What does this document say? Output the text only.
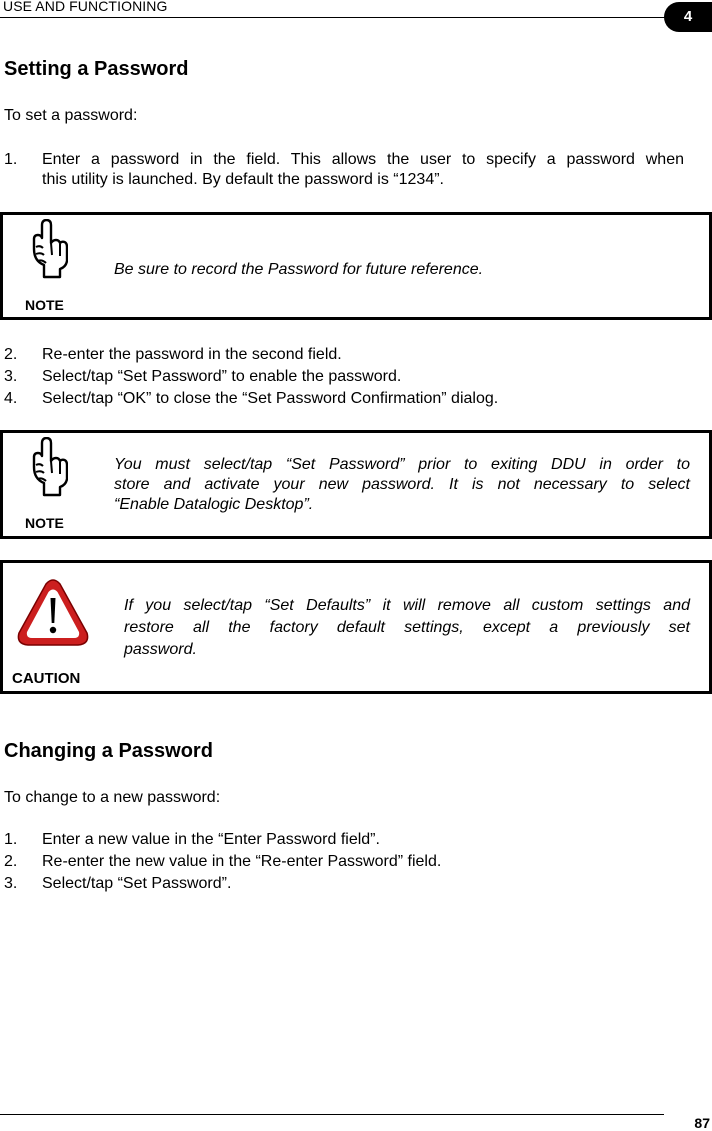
USE AND FUNCTIONING
4
Setting a Password

To set a password:

1. Enter a password in the field. This allows the user to specify a password when
this utility is launched. By default the password is “1234”.
NOTE
Be sure to record the Password for future reference.
2. Re-enter the password in the second field.
3. Select/tap “Set Password” to enable the password.
4. Select/tap “OK” to close the “Set Password Confirmation” dialog.
NOTE
You must select/tap “Set Password” prior to exiting DDU in order to
store and activate your new password. It is not necessary to select
“Enable Datalogic Desktop”.
CAUTION
If you select/tap “Set Defaults” it will remove all custom settings and
restore all the factory default settings, except a previously set
password.
Changing a Password

To change to a new password:

1. Enter a new value in the “Enter Password field”.
2. Re-enter the new value in the “Re-enter Password” field.
3. Select/tap “Set Password”.
87
